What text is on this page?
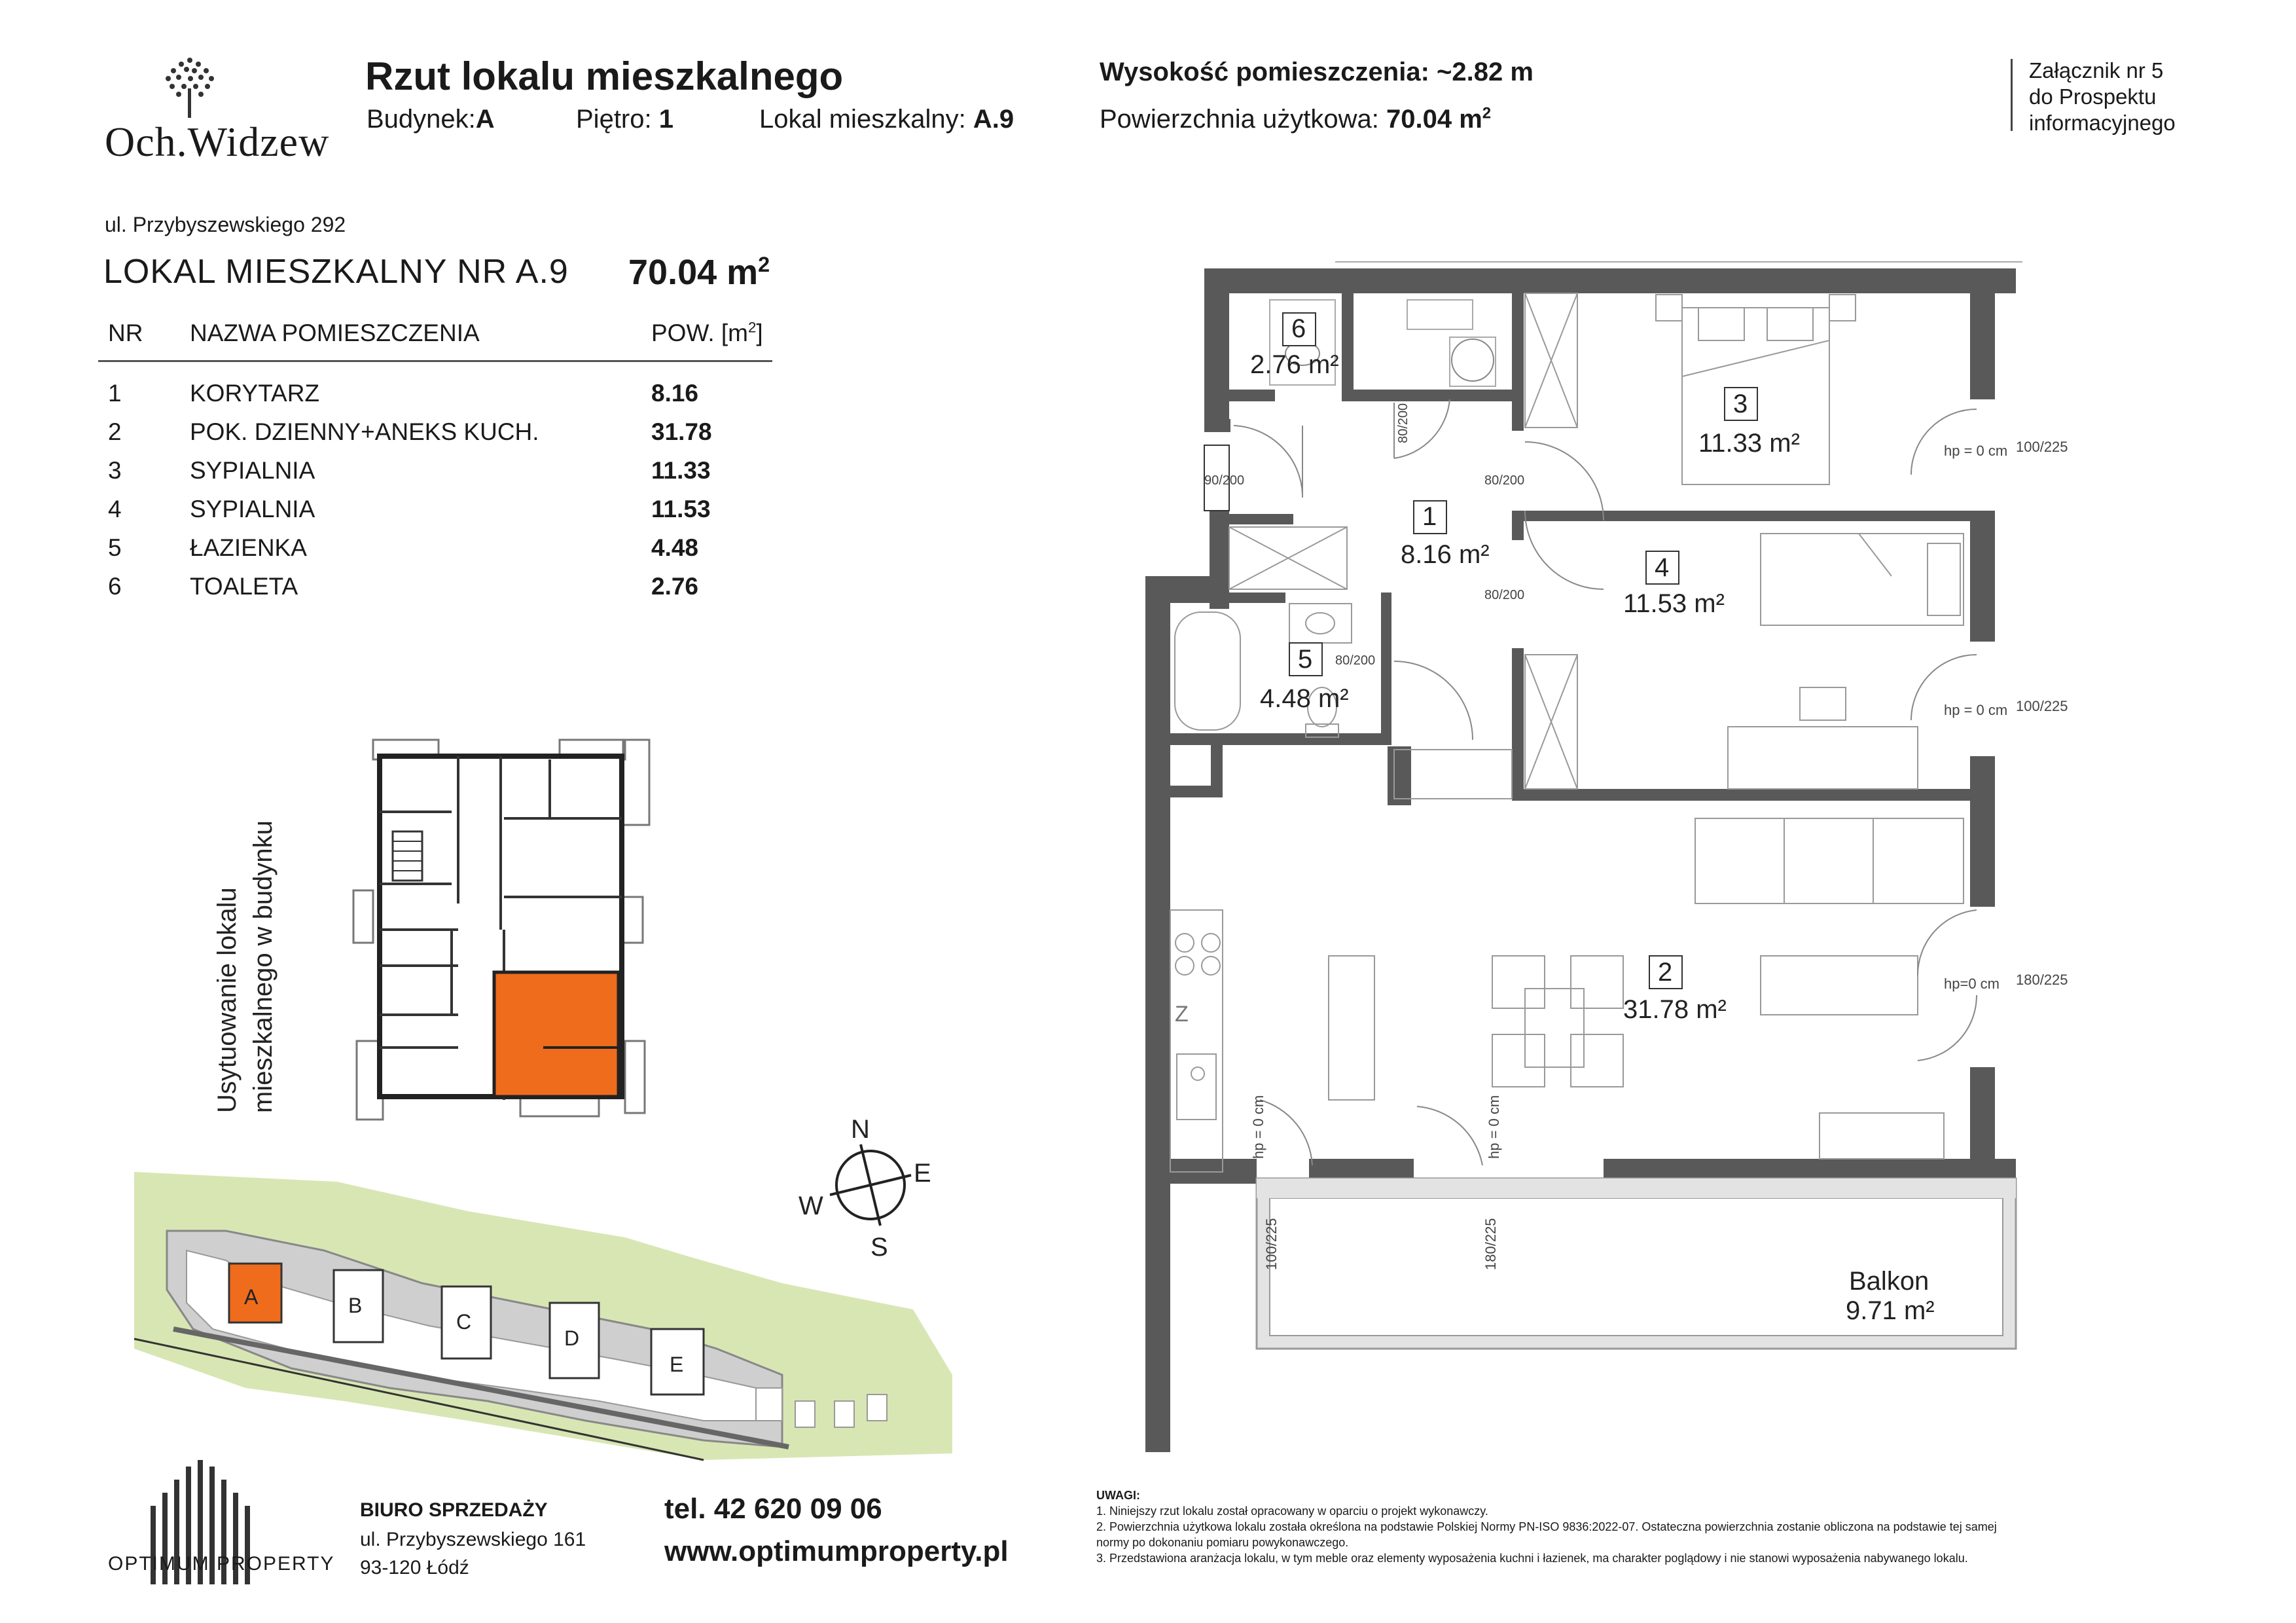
Och.Widzew
Rzut lokalu mieszkalnego
Budynek:A	Piętro: 1	Lokal mieszkalny: A.9
Wysokość pomieszczenia: ~2.82 m
Powierzchnia użytkowa: 70.04 $m^2$
Załącznik nr 5
do Prospektu
informacyjnego
ul. Przybyszewskiego 292
LOKAL MIESZKALNY NR A.9 70.04 $m^2$
NR	NAZWA POMIESZCZENIA	POW. $[m^2]$

1	KORYTARZ	8.16
2	POK. DZIENNY+ANEKS KUCH.	31.78
3	SYPIALNIA	11.33
4	SYPIALNIA	11.53
5	ŁAZIENKA	4.48
6	TOALETA	2.76
Usytuowanie lokalu mieszkalnego w budynku
A	B
C
D
E
N
E
S
W
Z
Balkon
9.71 m²
6
2.76 m²
1
8.16 m²
3
11.33 m²
4
11.53 m²
5
4.48 m²
2
31.78 m²
80/200
90/200
80/200
80/200
80/200
hp = 0 cm 100/225
hp = 0 cm 100/225
hp=0 cm 180/225
100/225	180/225
hp = 0 cm	hp = 0 cm
OPTIMUM PROPERTY
BIURO SPRZEDAŻY
ul. Przybyszewskiego 161
93-120 Łódź
tel. 42 620 09 06
www.optimumproperty.pl
UWAGI:
1. Niniejszy rzut lokalu został opracowany w oparciu o projekt wykonawczy.
2. Powierzchnia użytkowa lokalu została określona na podstawie Polskiej Normy PN-ISO 9836:2022-07. Ostateczna powierzchnia zostanie obliczona na podstawie tej samej
normy po dokonaniu pomiaru powykonawczego.
3. Przedstawiona aranżacja lokalu, w tym meble oraz elementy wyposażenia kuchni i łazienek, ma charakter poglądowy i nie stanowi wyposażenia nabywanego lokalu.
